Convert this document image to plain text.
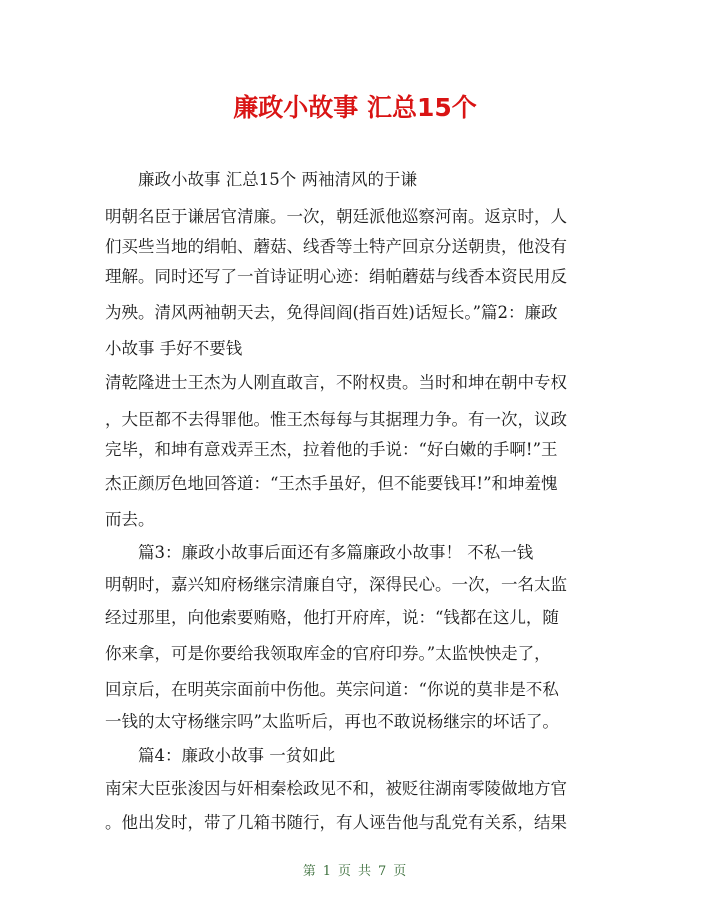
廉政小故事 汇总15个
廉政小故事 汇总15个 两袖清风的于谦
明朝名臣于谦居官清廉。一次，朝廷派他巡察河南。返京时，人
们买些当地的绢帕、蘑菇、线香等土特产回京分送朝贵，他没有
理解。同时还写了一首诗证明心迹：绢帕蘑菇与线香本资民用反
为殃。清风两袖朝天去，免得闾阎(指百姓)话短长。”篇2：廉政
小故事 手好不要钱
清乾隆进士王杰为人刚直敢言，不附权贵。当时和坤在朝中专权
，大臣都不去得罪他。惟王杰每每与其据理力争。有一次，议政
完毕，和坤有意戏弄王杰，拉着他的手说：“好白嫩的手啊!”王
杰正颜厉色地回答道：“王杰手虽好，但不能要钱耳!”和坤羞愧
而去。
篇3：廉政小故事后面还有多篇廉政小故事！ 不私一钱
明朝时，嘉兴知府杨继宗清廉自守，深得民心。一次，一名太监
经过那里，向他索要贿赂，他打开府库，说：“钱都在这儿，随
你来拿，可是你要给我领取库金的官府印券。”太监怏怏走了，
回京后，在明英宗面前中伤他。英宗问道：“你说的莫非是不私
一钱的太守杨继宗吗”太监听后，再也不敢说杨继宗的坏话了。
篇4：廉政小故事 一贫如此
南宋大臣张浚因与奸相秦桧政见不和，被贬往湖南零陵做地方官
。他出发时，带了几箱书随行，有人诬告他与乱党有关系，结果
第 1 页 共 7 页
